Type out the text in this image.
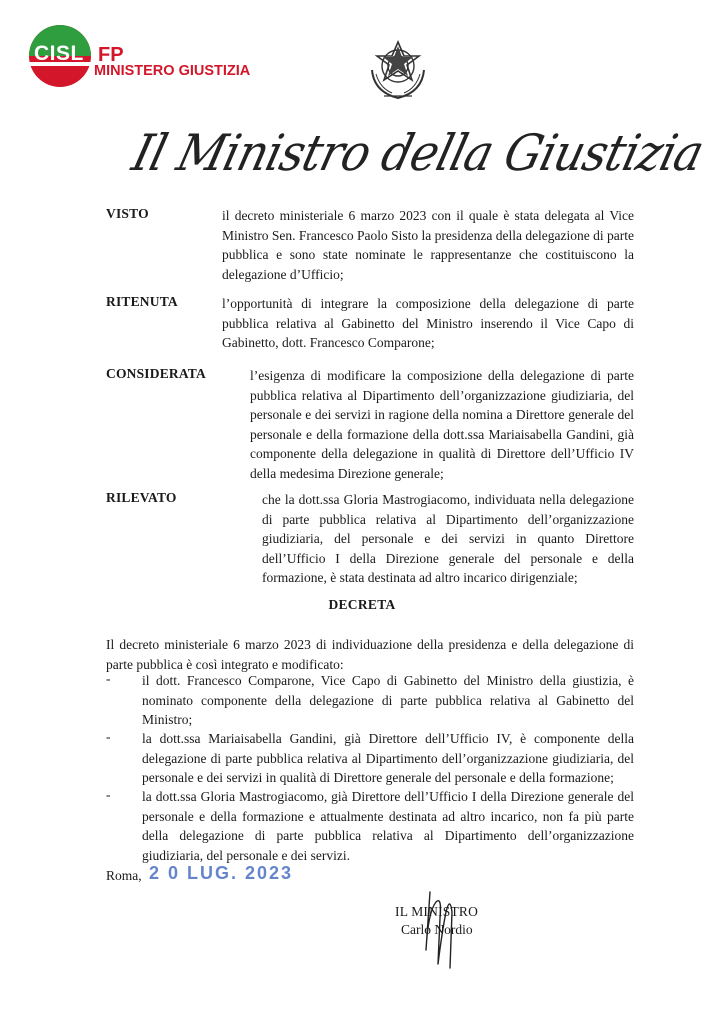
CISL FP
MINISTERO GIUSTIZIA
Il Ministro della Giustizia
VISTO	il decreto ministeriale 6 marzo 2023 con il quale è stata delegata al Vice Ministro Sen. Francesco Paolo Sisto la presidenza della delegazione di parte pubblica e sono state nominate le rappresentanze che costituiscono la delegazione d’Ufficio;
RITENUTA	l’opportunità di integrare la composizione della delegazione di parte pubblica relativa al Gabinetto del Ministro inserendo il Vice Capo di Gabinetto, dott. Francesco Comparone;
CONSIDERATA	l’esigenza di modificare la composizione della delegazione di parte pubblica relativa al Dipartimento dell’organizzazione giudiziaria, del personale e dei servizi in ragione della nomina a Direttore generale del personale e della formazione della dott.ssa Mariaisabella Gandini, già componente della delegazione in qualità di Direttore dell’Ufficio IV della medesima Direzione generale;
RILEVATO	che la dott.ssa Gloria Mastrogiacomo, individuata nella delegazione di parte pubblica relativa al Dipartimento dell’organizzazione giudiziaria, del personale e dei servizi in quanto Direttore dell’Ufficio I della Direzione generale del personale e della formazione, è stata destinata ad altro incarico dirigenziale;
DECRETA
Il decreto ministeriale 6 marzo 2023 di individuazione della presidenza e della delegazione di parte pubblica è così integrato e modificato:
- il dott. Francesco Comparone, Vice Capo di Gabinetto del Ministro della giustizia, è nominato componente della delegazione di parte pubblica relativa al Gabinetto del Ministro;
- la dott.ssa Mariaisabella Gandini, già Direttore dell’Ufficio IV, è componente della delegazione di parte pubblica relativa al Dipartimento dell’organizzazione giudiziaria, del personale e dei servizi in qualità di Direttore generale del personale e della formazione;
- la dott.ssa Gloria Mastrogiacomo, già Direttore dell’Ufficio I della Direzione generale del personale e della formazione e attualmente destinata ad altro incarico, non fa più parte della delegazione di parte pubblica relativa al Dipartimento dell’organizzazione giudiziaria, del personale e dei servizi.
Roma, 2 0 LUG. 2023
IL MINISTRO
Carlo Nordio
